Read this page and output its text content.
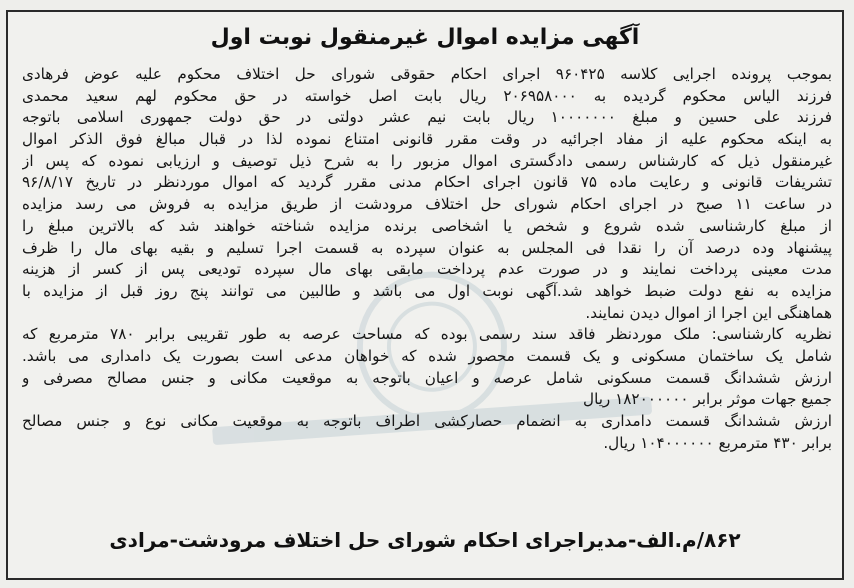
آگهی مزایده اموال غیرمنقول نوبت اول
بموجب پرونده اجرایی کلاسه ۹۶۰۴۲۵ اجرای احکام حقوقی شورای حل اختلاف محکوم علیه عوض فرهادی
فرزند الیاس محکوم گردیده به ۲۰۶۹۵۸۰۰۰ ریال بابت اصل خواسته در حق محکوم لهم سعید محمدی
فرزند علی حسین و مبلغ ۱۰۰۰۰۰۰۰ ریال بابت نیم عشر دولتی در حق دولت جمهوری اسلامی باتوجه
به اینکه محکوم علیه از مفاد اجرائیه در وقت مقرر قانونی امتناع نموده لذا در قبال مبالغ فوق الذکر اموال
غیرمنقول ذیل که کارشناس رسمی دادگستری اموال مزبور را به شرح ذیل توصیف و ارزیابی نموده که پس از
تشریفات قانونی و رعایت ماده ۷۵ قانون اجرای احکام مدنی مقرر گردید که اموال موردنظر در تاریخ ۹۶/۸/۱۷
در ساعت ۱۱ صبح در اجرای احکام شورای حل اختلاف مرودشت از طریق مزایده به فروش می رسد مزایده
از مبلغ کارشناسی شده شروع و شخص یا اشخاصی برنده مزایده شناخته خواهند شد که بالاترین مبلغ را
پیشنهاد وده درصد آن را نقدا فی المجلس به عنوان سپرده به قسمت اجرا تسلیم و بقیه بهای مال را ظرف
مدت معینی پرداخت نمایند و در صورت عدم پرداخت مابقی بهای مال سپرده تودیعی پس از کسر از هزینه
مزایده به نفع دولت ضبط خواهد شد.آگهی نوبت اول می باشد و طالبین می توانند پنج روز قبل از مزایده با
هماهنگی این اجرا از اموال دیدن نمایند.
نظریه کارشناسی: ملک موردنظر فاقد سند رسمی بوده که مساحت عرصه به طور تقریبی برابر ۷۸۰ مترمربع که
شامل یک ساختمان مسکونی و یک قسمت محصور شده که خواهان مدعی است بصورت یک دامداری می باشد.
ارزش ششدانگ قسمت مسکونی شامل عرصه و اعیان باتوجه به موقعیت مکانی و جنس مصالح مصرفی و
جمیع جهات موثر برابر ۱۸۲۰۰۰۰۰۰ ریال
ارزش ششدانگ قسمت دامداری به انضمام حصارکشی اطراف باتوجه به موقعیت مکانی نوع و جنس مصالح
برابر ۴۳۰ مترمربع ۱۰۴۰۰۰۰۰۰ ریال.
۸۶۲/م.الف-مدیراجرای احکام شورای حل اختلاف مرودشت-مرادی
